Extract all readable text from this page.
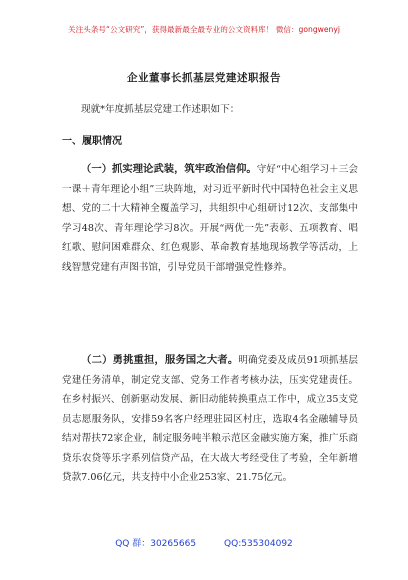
关注头条号“公文研究”，获得最新最全最专业的公文资料库！ 微信：gongwenyj
企业董事长抓基层党建述职报告
现就*年度抓基层党建工作述职如下：
一、履职情况
（一）抓实理论武装，筑牢政治信仰。守好“中心组学习＋三会一课＋青年理论小组”三块阵地，对习近平新时代中国特色社会主义思想、党的二十大精神全覆盖学习，共组织中心组研讨12次、支部集中学习48次、青年理论学习8次。开展“两优一先”表彰、五项教育、唱红歌、慰问困难群众、红色观影、革命教育基地现场教学等活动，上线智慧党建有声图书馆，引导党员干部增强党性修养。
（二）勇挑重担，服务国之大者。明确党委及成员91项抓基层党建任务清单，制定党支部、党务工作者考核办法，压实党建责任。在乡村振兴、创新驱动发展、新旧动能转换重点工作中，成立35支党员志愿服务队，安排59名客户经理驻园区村庄，选取4名金融辅导员结对帮扶72家企业，制定服务吨半粮示范区金融实施方案，推广乐商贷乐农贷等乐字系列信贷产品，在大战大考经受住了考验，全年新增贷款7.06亿元，共支持中小企业253家、21.75亿元。
QQ 群：30265665	QQ:535304092
